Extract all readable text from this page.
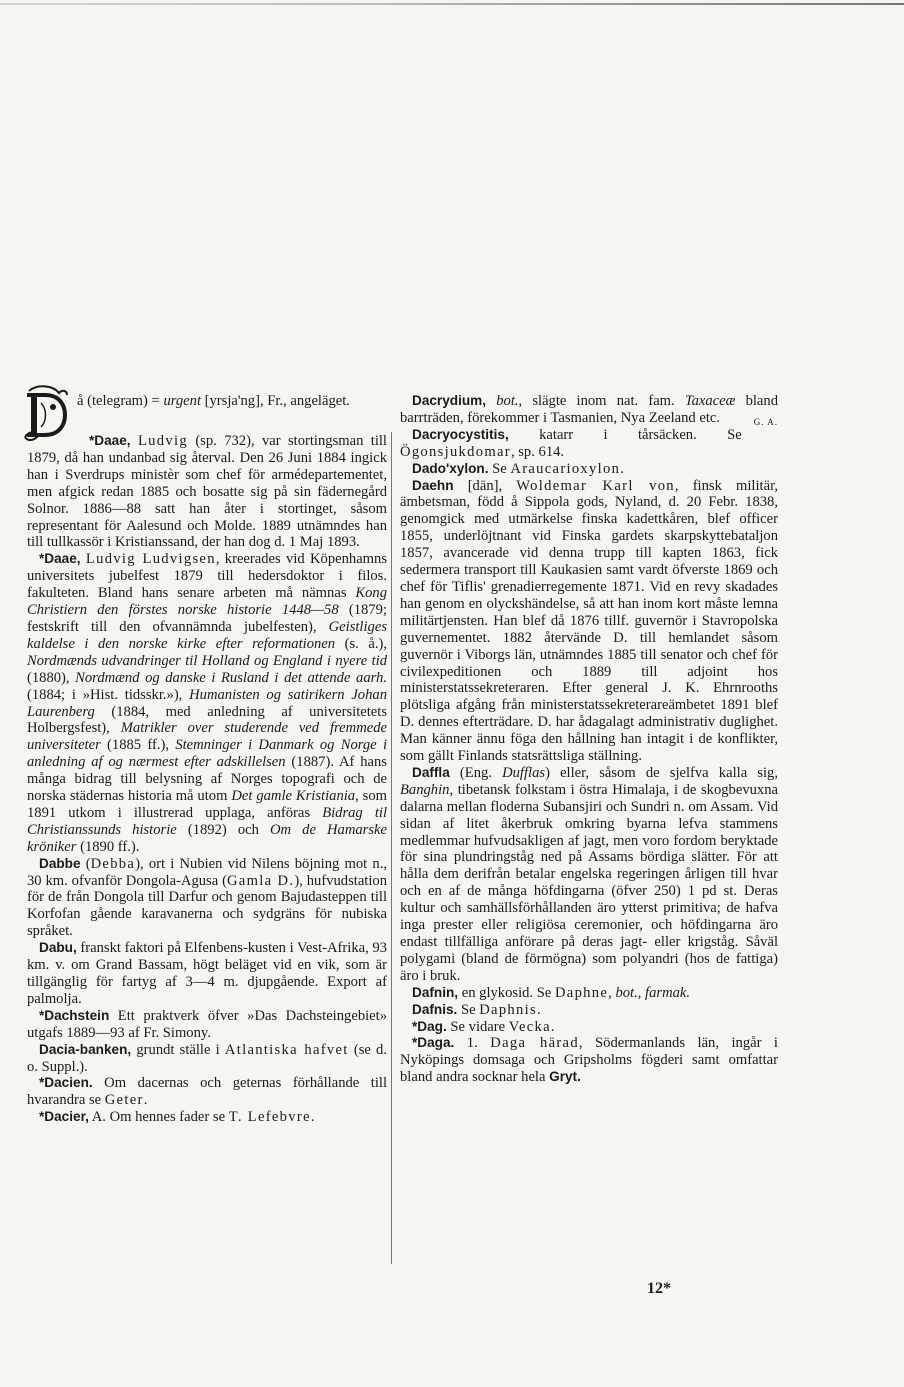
å (telegram) = urgent [yrsja'ng], Fr., angeläget.

*Daae, Ludvig (sp. 732), var stortingsman till 1879, då han undanbad sig återval. Den 26 Juni 1884 ingick han i Sverdrups ministèr som chef för armédepartementet, men afgick redan 1885 och bosatte sig på sin fädernegård Solnor. 1886—88 satt han åter i stortinget, såsom representant för Aalesund och Molde. 1889 utnämndes han till tullkassör i Kristianssand, der han dog d. 1 Maj 1893.

*Daae, Ludvig Ludvigsen, kreerades vid Köpenhamns universitets jubelfest 1879 till hedersdoktor i filos. fakulteten. Bland hans senare arbeten må nämnas Kong Christiern den förstes norske historie 1448—58 (1879; festskrift till den ofvannämnda jubelfesten), Geistliges kaldelse i den norske kirke efter reformationen (s. å.), Nordmænds udvandringer til Holland og England i nyere tid (1880), Nordmænd og danske i Rusland i det attende aarh. (1884; i »Hist. tidsskr.»), Humanisten og satirikern Johan Laurenberg (1884, med anledning af universitetets Holbergsfest), Matrikler over studerende ved fremmede universiteter (1885 ff.), Stemninger i Danmark og Norge i anledning af og nærmest efter adskillelsen (1887). Af hans många bidrag till belysning af Norges topografi och de norska städernas historia må utom Det gamle Kristiania, som 1891 utkom i illustrerad upplaga, anföras Bidrag til Christianssunds historie (1892) och Om de Hamarske kröniker (1890 ff.).

Dabbe (Debba), ort i Nubien vid Nilens böjning mot n., 30 km. ofvanför Dongola-Agusa (Gamla D.), hufvudstation för de från Dongola till Darfur och genom Bajudasteppen till Korfofan gående karavanerna och sydgräns för nubiska språket.

Dabu, franskt faktori på Elfenbens-kusten i Vest-Afrika, 93 km. v. om Grand Bassam, högt beläget vid en vik, som är tillgänglig för fartyg af 3—4 m. djupgående. Export af palmolja.

*Dachstein Ett praktverk öfver »Das Dachsteingebiet» utgafs 1889—93 af Fr. Simony.

Dacia-banken, grundt ställe i Atlantiska hafvet (se d. o. Suppl.).

*Dacien. Om dacernas och geternas förhållande till hvarandra se Geter.

*Dacier, A. Om hennes fader se T. Lefebvre.

Dacrydium, bot., slägte inom nat. fam. Taxaceæ bland barrträden, förekommer i Tasmanien, Nya Zeeland etc.	G. A.

Dacryocystitis, katarr i tårsäcken. Se Ögonsjukdomar, sp. 614.

Dado'xylon. Se Araucarioxylon.

Daehn [dān], Woldemar Karl von, finsk militär, ämbetsman, född å Sippola gods, Nyland, d. 20 Febr. 1838, genomgick med utmärkelse finska kadettkåren, blef officer 1855, underlöjtnant vid Finska gardets skarpskyttebataljon 1857, avancerade vid denna trupp till kapten 1863, fick sedermera transport till Kaukasien samt vardt öfverste 1869 och chef för Tiflis' grenadierregemente 1871. Vid en revy skadades han genom en olyckshändelse, så att han inom kort måste lemna militärtjensten. Han blef då 1876 tillf. guvernör i Stavropolska guvernementet. 1882 återvände D. till hemlandet såsom guvernör i Viborgs län, utnämndes 1885 till senator och chef för civilexpeditionen och 1889 till adjoint hos ministerstatssekreteraren. Efter general J. K. Ehrnrooths plötsliga afgång från ministerstatssekreterareämbetet 1891 blef D. dennes efterträdare. D. har ådagalagt administrativ duglighet. Man känner ännu föga den hållning han intagit i de konflikter, som gällt Finlands statsrättsliga ställning.

Daffla (Eng. Dufflas) eller, såsom de sjelfva kalla sig, Banghin, tibetansk folkstam i östra Himalaja, i de skogbevuxna dalarna mellan floderna Subansjiri och Sundri n. om Assam. Vid sidan af litet åkerbruk omkring byarna lefva stammens medlemmar hufvudsakligen af jagt, men voro fordom beryktade för sina plundringståg ned på Assams bördiga slätter. För att hålla dem derifrån betalar engelska regeringen årligen till hvar och en af de många höfdingarna (öfver 250) 1 pd st. Deras kultur och samhällsförhållanden äro ytterst primitiva; de hafva inga prester eller religiösa ceremonier, och höfdingarna äro endast tillfälliga anförare på deras jagt- eller krigståg. Såväl polygami (bland de förmögna) som polyandri (hos de fattiga) äro i bruk.

Dafnin, en glykosid. Se Daphne, bot., farmak.

Dafnis. Se Daphnis.

*Dag. Se vidare Vecka.

*Daga. 1. Daga härad, Södermanlands län, ingår i Nyköpings domsaga och Gripsholms fögderi samt omfattar bland andra socknar hela Gryt.

12*
